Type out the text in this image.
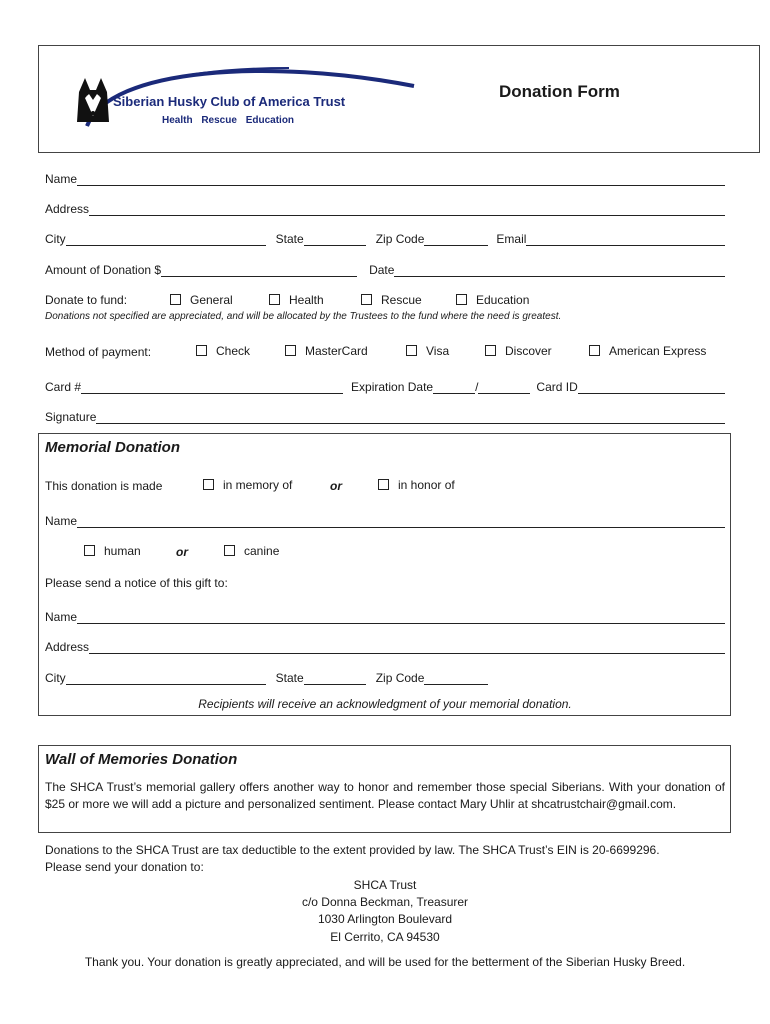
Siberian Husky Club of America Trust
Health Rescue Education
Donation Form
Name
Address
City	State	Zip Code	Email
Amount of Donation $	Date
Donate to fund:	General	Health	Rescue	Education
Donations not specified are appreciated, and will be allocated by the Trustees to the fund where the need is greatest.
Method of payment:	Check	MasterCard	Visa	Discover	American Express
Card #	Expiration Date	/	Card ID
Signature
Memorial Donation
This donation is made	in memory of	or	in honor of
Name
human	or	canine
Please send a notice of this gift to:
Name
Address
City	State	Zip Code
Recipients will receive an acknowledgment of your memorial donation.
Wall of Memories Donation
The SHCA Trust’s memorial gallery offers another way to honor and remember those special Siberians. With your donation of $25 or more we will add a picture and personalized sentiment. Please contact Mary Uhlir at shcatrustchair@gmail.com.
Donations to the SHCA Trust are tax deductible to the extent provided by law. The SHCA Trust’s EIN is 20-6699296.
Please send your donation to:
SHCA Trust
c/o Donna Beckman, Treasurer
1030 Arlington Boulevard
El Cerrito, CA 94530
Thank you. Your donation is greatly appreciated, and will be used for the betterment of the Siberian Husky Breed.
